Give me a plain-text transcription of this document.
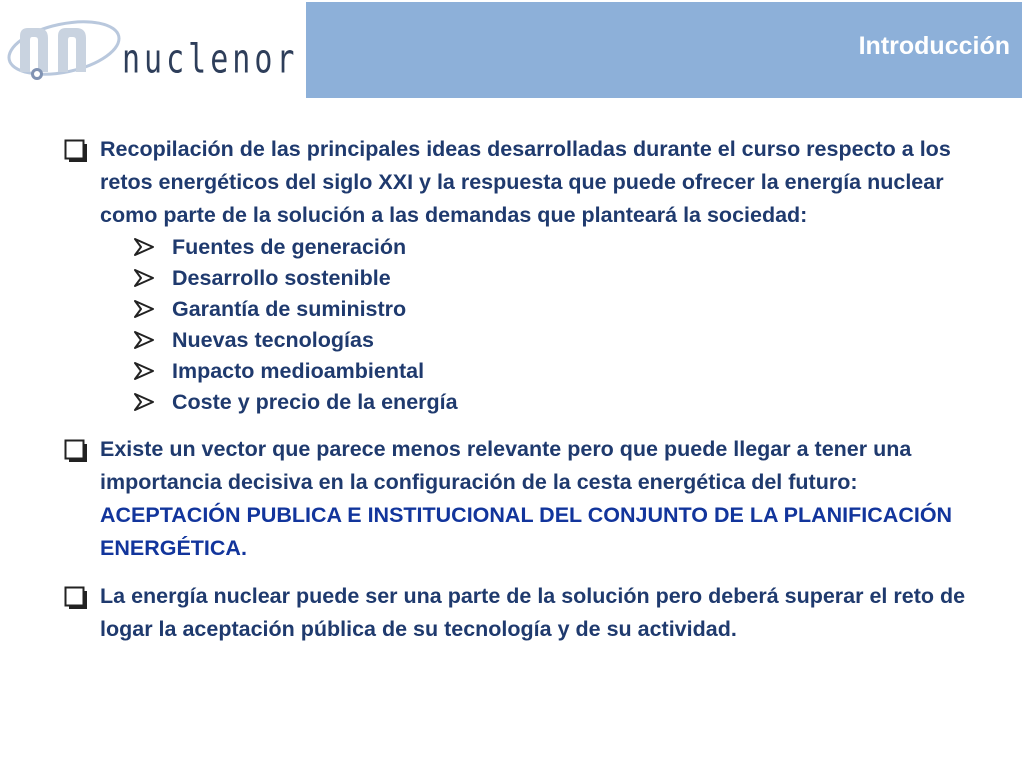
nuclenor	Introducción
Recopilación de las principales ideas desarrolladas durante el curso respecto a los retos energéticos del siglo XXI y la respuesta que puede ofrecer la energía nuclear como parte de la solución a las demandas que planteará la sociedad:
Fuentes de generación
Desarrollo sostenible
Garantía de suministro
Nuevas tecnologías
Impacto medioambiental
Coste y precio de la energía
Existe un vector que parece menos relevante pero que puede llegar a tener una importancia decisiva en la configuración de la cesta energética del futuro: ACEPTACIÓN PUBLICA E INSTITUCIONAL DEL CONJUNTO DE LA PLANIFICACIÓN ENERGÉTICA.
La energía nuclear puede ser una parte de la solución pero deberá superar el reto de logar la aceptación pública de su tecnología y de su actividad.
